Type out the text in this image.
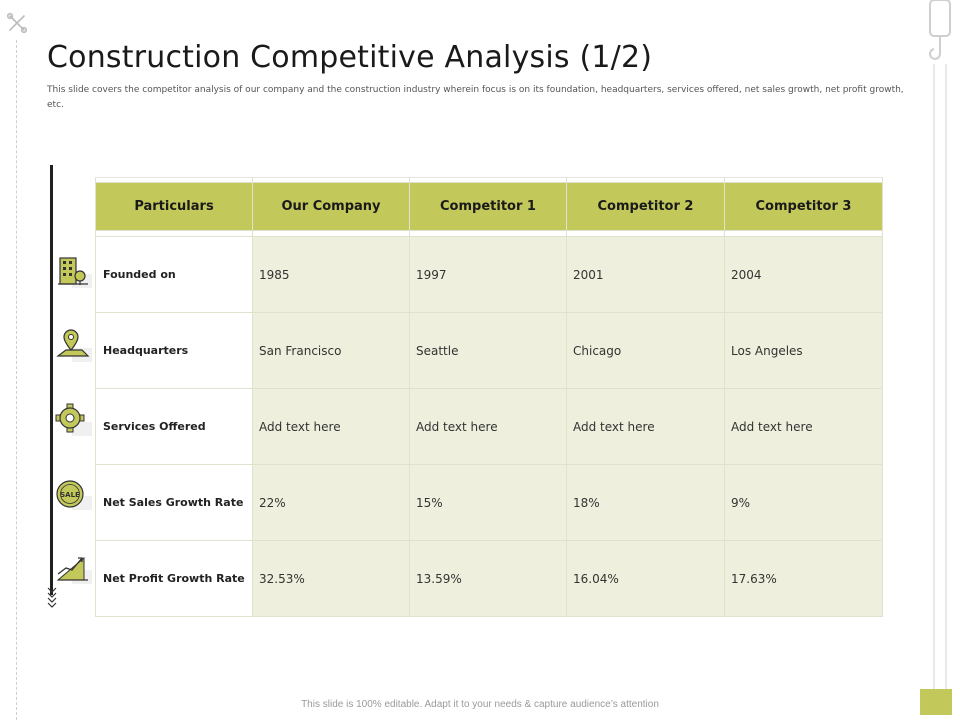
Construction Competitive Analysis (1/2)

This slide covers the competitor analysis of our company and the construction industry wherein focus is on its foundation, headquarters, services offered, net sales growth, net profit growth, etc.

SALE

Particulars	Our Company	Competitor 1	Competitor 2	Competitor 3

Founded on	1985	1997	2001	2004
Headquarters	San Francisco	Seattle	Chicago	Los Angeles
Services Offered	Add text here	Add text here	Add text here	Add text here
Net Sales Growth Rate	22%	15%	18%	9%
Net Profit Growth Rate	32.53%	13.59%	16.04%	17.63%
This slide is 100% editable. Adapt it to your needs & capture audience’s attention
